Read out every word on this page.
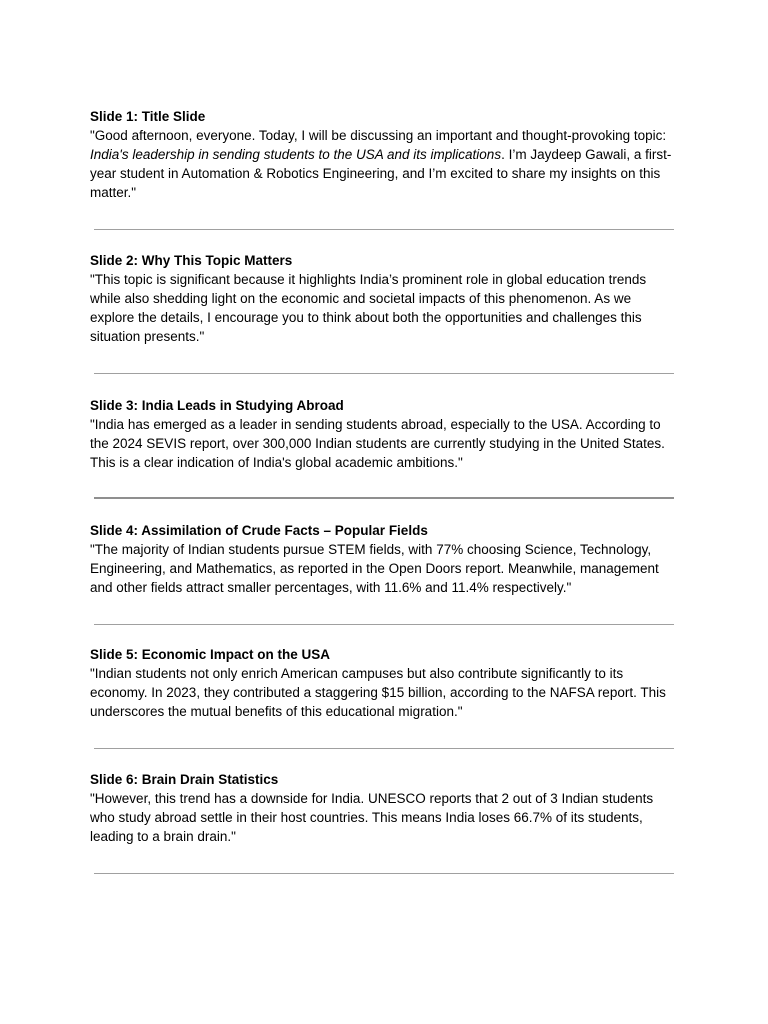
Slide 1: Title Slide

"Good afternoon, everyone. Today, I will be discussing an important and thought-provoking topic: India's leadership in sending students to the USA and its implications. I’m Jaydeep Gawali, a first-year student in Automation & Robotics Engineering, and I’m excited to share my insights on this matter."

Slide 2: Why This Topic Matters

"This topic is significant because it highlights India’s prominent role in global education trends while also shedding light on the economic and societal impacts of this phenomenon. As we explore the details, I encourage you to think about both the opportunities and challenges this situation presents."

Slide 3: India Leads in Studying Abroad

"India has emerged as a leader in sending students abroad, especially to the USA. According to the 2024 SEVIS report, over 300,000 Indian students are currently studying in the United States. This is a clear indication of India's global academic ambitions."

Slide 4: Assimilation of Crude Facts – Popular Fields

"The majority of Indian students pursue STEM fields, with 77% choosing Science, Technology, Engineering, and Mathematics, as reported in the Open Doors report. Meanwhile, management and other fields attract smaller percentages, with 11.6% and 11.4% respectively."

Slide 5: Economic Impact on the USA

"Indian students not only enrich American campuses but also contribute significantly to its economy. In 2023, they contributed a staggering $15 billion, according to the NAFSA report. This underscores the mutual benefits of this educational migration."

Slide 6: Brain Drain Statistics

"However, this trend has a downside for India. UNESCO reports that 2 out of 3 Indian students who study abroad settle in their host countries. This means India loses 66.7% of its students, leading to a brain drain."
